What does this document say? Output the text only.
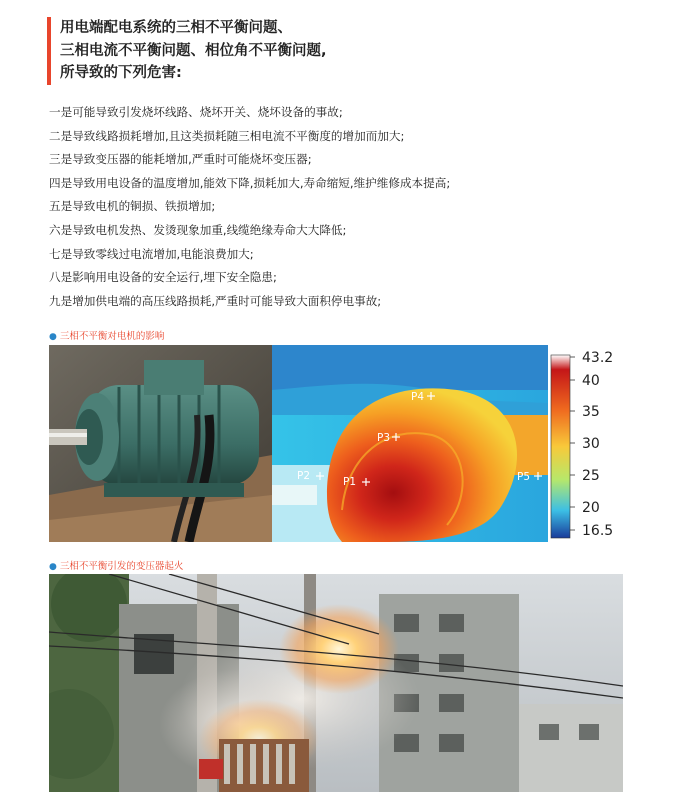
用电端配电系统的三相不平衡问题、
三相电流不平衡问题、相位角不平衡问题,
所导致的下列危害:
一是可能导致引发烧坏线路、烧坏开关、烧坏设备的事故;
二是导致线路损耗增加,且这类损耗随三相电流不平衡度的增加而加大;
三是导致变压器的能耗增加,严重时可能烧坏变压器;
四是导致用电设备的温度增加,能效下降,损耗加大,寿命缩短,维护维修成本提高;
五是导致电机的铜损、铁损增加;
六是导致电机发热、发烫现象加重,线缆绝缘寿命大大降低;
七是导致零线过电流增加,电能浪费加大;
八是影响用电设备的安全运行,埋下安全隐患;
九是增加供电端的高压线路损耗,严重时可能导致大面积停电事故;
● 三相不平衡对电机的影响
P1
P2
P3
P4
P5
43.2
40
35
30
25
20
16.5
● 三相不平衡引发的变压器起火
